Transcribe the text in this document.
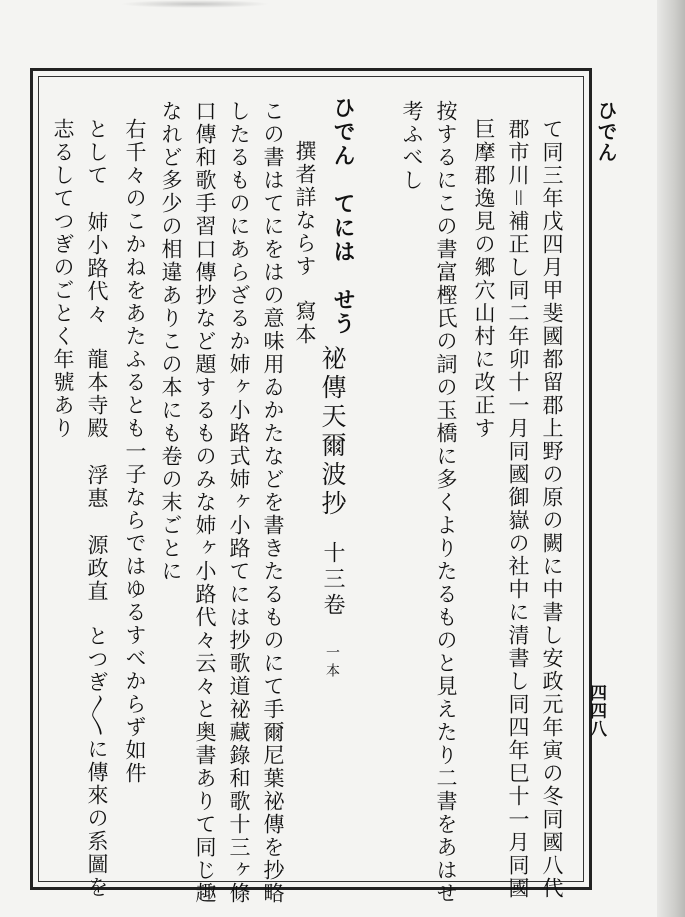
ひでん
四四八
て同三年戊四月甲斐國都留郡上野の原の闕に中書し安政元年寅の冬同國八代
郡市川＝補正し同二年卯十一月同國御嶽の社中に清書し同四年巳十一月同國
巨摩郡逸見の郷穴山村に改正す
按するにこの書富樫氏の詞の玉橋に多くよりたるものと見えたり二書をあはせ
考ふべし
ひでん　てには　せう
祕傳天爾波抄十三卷一本
撰者詳ならす寫本
この書はてにをはの意味用ゐかたなどを書きたるものにて手爾尼葉祕傳を抄略
したるものにあらざるか姉ヶ小路式姉ヶ小路てには抄歌道祕藏錄和歌十三ヶ條
口傳和歌手習口傳抄など題するものみな姉ヶ小路代々云々と奥書ありて同じ趣
なれど多少の相違ありこの本にも卷の末ごとに
右千々のこかねをあたふるとも一子ならではゆるすべからず如件
として姉小路代々龍本寺殿浮惠源政直とつぎ〳〵に傳來の系圖を
志るしてつぎのごとく年號あり
